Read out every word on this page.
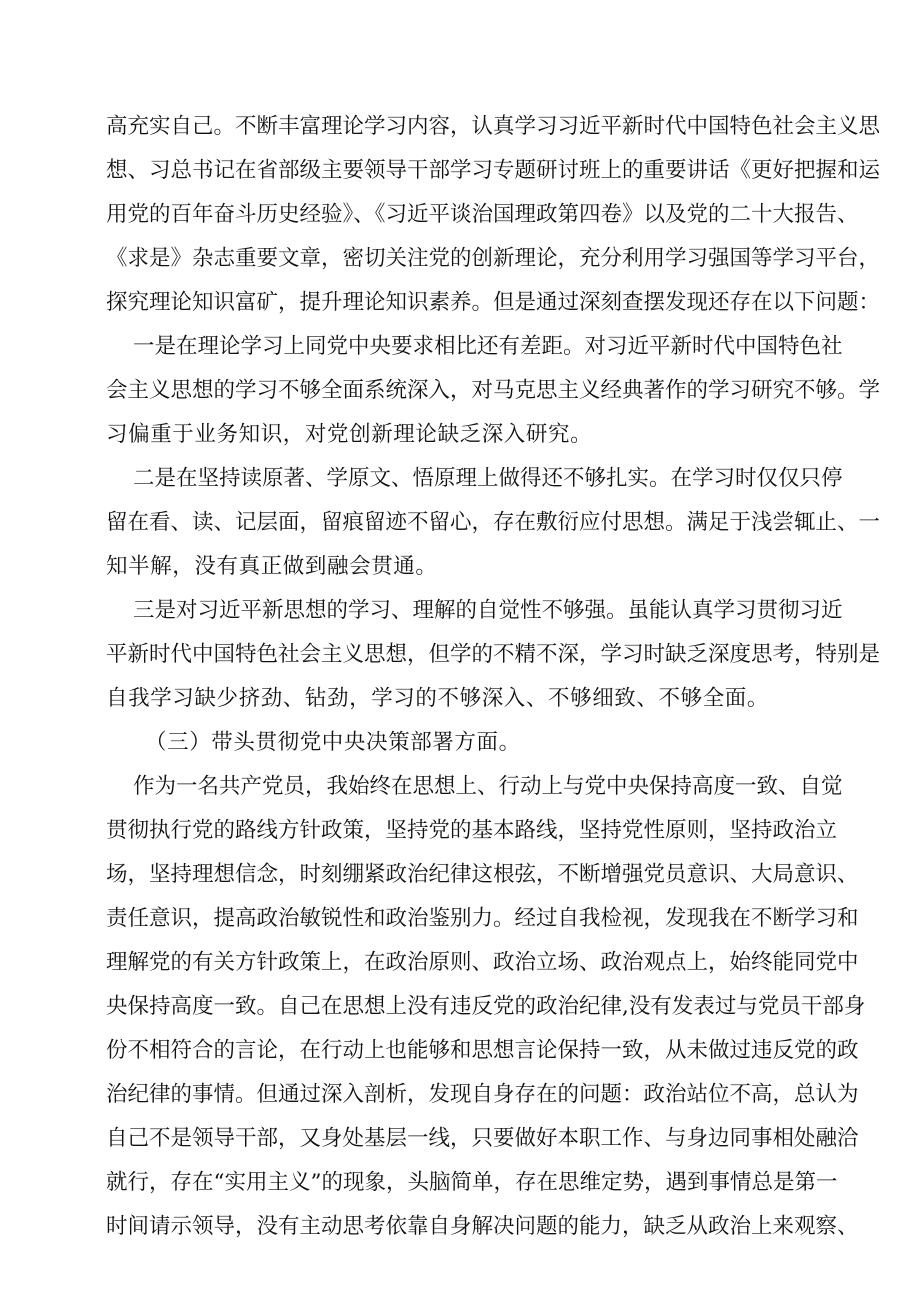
高充实自己。不断丰富理论学习内容，认真学习习近平新时代中国特色社会主义思
想、习总书记在省部级主要领导干部学习专题研讨班上的重要讲话《更好把握和运
用党的百年奋斗历史经验》、《习近平谈治国理政第四卷》以及党的二十大报告、
《求是》杂志重要文章，密切关注党的创新理论，充分利用学习强国等学习平台，
探究理论知识富矿，提升理论知识素养。但是通过深刻查摆发现还存在以下问题：
一是在理论学习上同党中央要求相比还有差距。对习近平新时代中国特色社
会主义思想的学习不够全面系统深入，对马克思主义经典著作的学习研究不够。学
习偏重于业务知识，对党创新理论缺乏深入研究。
二是在坚持读原著、学原文、悟原理上做得还不够扎实。在学习时仅仅只停
留在看、读、记层面，留痕留迹不留心，存在敷衍应付思想。满足于浅尝辄止、一
知半解，没有真正做到融会贯通。
三是对习近平新思想的学习、理解的自觉性不够强。虽能认真学习贯彻习近
平新时代中国特色社会主义思想，但学的不精不深，学习时缺乏深度思考，特别是
自我学习缺少挤劲、钻劲，学习的不够深入、不够细致、不够全面。
（三）带头贯彻党中央决策部署方面。
作为一名共产党员，我始终在思想上、行动上与党中央保持高度一致、自觉
贯彻执行党的路线方针政策，坚持党的基本路线，坚持党性原则，坚持政治立
场，坚持理想信念，时刻绷紧政治纪律这根弦，不断增强党员意识、大局意识、
责任意识，提高政治敏锐性和政治鉴别力。经过自我检视，发现我在不断学习和
理解党的有关方针政策上，在政治原则、政治立场、政治观点上，始终能同党中
央保持高度一致。自己在思想上没有违反党的政治纪律,没有发表过与党员干部身
份不相符合的言论，在行动上也能够和思想言论保持一致，从未做过违反党的政
治纪律的事情。但通过深入剖析，发现自身存在的问题：政治站位不高，总认为
自己不是领导干部，又身处基层一线，只要做好本职工作、与身边同事相处融洽
就行，存在“实用主义”的现象，头脑简单，存在思维定势，遇到事情总是第一
时间请示领导，没有主动思考依靠自身解决问题的能力，缺乏从政治上来观察、
